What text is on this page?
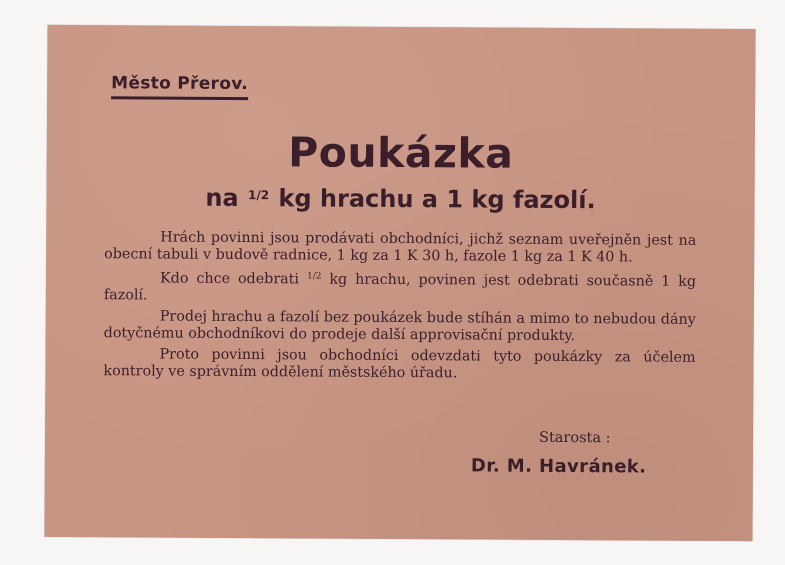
Město Přerov.
Poukázka
na $^{1/2}$ kg hrachu a 1 kg fazolí.

Hrách povinni jsou prodávati obchodníci, jichž seznam uveřejněn jest na obecní tabuli v budově radnice, 1 kg za 1 K 30 h, fazole 1 kg za 1 K 40 h.

Kdo chce odebrati $^{1/2}$ kg hrachu, povinen jest odebrati současně 1 kg fazolí.

Prodej hrachu a fazolí bez poukázek bude stíhán a mimo to nebudou dány dotyčnému obchodníkovi do prodeje další approvisační produkty.

Proto povinni jsou obchodníci odevzdati tyto poukázky za účelem kontroly ve správním oddělení městského úřadu.

Starosta :
Dr. M. Havránek.
